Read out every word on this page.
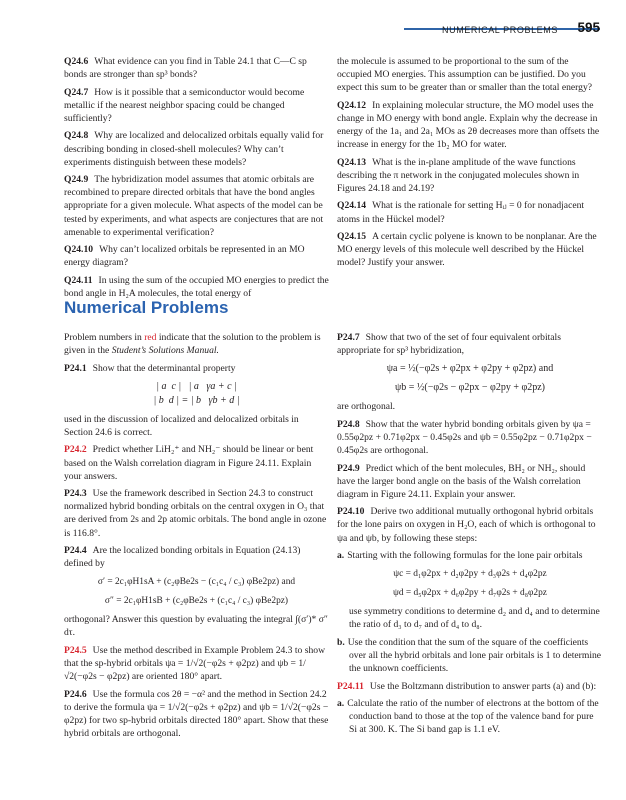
NUMERICAL PROBLEMS 595

Q24.6 What evidence can you find in Table 24.1 that C—C sp bonds are stronger than sp³ bonds?

Q24.7 How is it possible that a semiconductor would become metallic if the nearest neighbor spacing could be changed sufficiently?

Q24.8 Why are localized and delocalized orbitals equally valid for describing bonding in closed-shell molecules? Why can’t experiments distinguish between these models?

Q24.9 The hybridization model assumes that atomic orbitals are recombined to prepare directed orbitals that have the bond angles appropriate for a given molecule. What aspects of the model can be tested by experiments, and what aspects are conjectures that are not amenable to experimental verification?

Q24.10 Why can’t localized orbitals be represented in an MO energy diagram?

Q24.11 In using the sum of the occupied MO energies to predict the bond angle in H₂A molecules, the total energy of

the molecule is assumed to be proportional to the sum of the occupied MO energies. This assumption can be justified. Do you expect this sum to be greater than or smaller than the total energy?

Q24.12 In explaining molecular structure, the MO model uses the change in MO energy with bond angle. Explain why the decrease in energy of the 1a₁ and 2a₁ MOs as 2θ decreases more than offsets the increase in energy for the 1b₂ MO for water.

Q24.13 What is the in-plane amplitude of the wave functions describing the π network in the conjugated molecules shown in Figures 24.18 and 24.19?

Q24.14 What is the rationale for setting Hᵢⱼ = 0 for nonadjacent atoms in the Hückel model?

Q24.15 A certain cyclic polyene is known to be nonplanar. Are the MO energy levels of this molecule well described by the Hückel model? Justify your answer.

Numerical Problems

Problem numbers in red indicate that the solution to the problem is given in the Student’s Solutions Manual.

P24.1 Show that the determinantal property

| a  c |   | a   γa + c |
| b  d | = | b   γb + d |

used in the discussion of localized and delocalized orbitals in Section 24.6 is correct.

P24.2 Predict whether LiH₂⁺ and NH₂⁻ should be linear or bent based on the Walsh correlation diagram in Figure 24.11. Explain your answers.

P24.3 Use the framework described in Section 24.3 to construct normalized hybrid bonding orbitals on the central oxygen in O₃ that are derived from 2s and 2p atomic orbitals. The bond angle in ozone is 116.8°.

P24.4 Are the localized bonding orbitals in Equation (24.13) defined by

σ′ = 2c₁φH1sA + (c₂φBe2s − (c₁c₄ / c₃) φBe2pz) and
σ″ = 2c₁φH1sB + (c₂φBe2s + (c₁c₄ / c₃) φBe2pz)

orthogonal? Answer this question by evaluating the integral ∫(σ′)* σ″ dτ.

P24.5 Use the method described in Example Problem 24.3 to show that the sp-hybrid orbitals ψa = 1/√2(−φ2s + φ2pz) and ψb = 1/√2(−φ2s − φ2pz) are oriented 180° apart.

P24.6 Use the formula cos 2θ = −α² and the method in Section 24.2 to derive the formula ψa = 1/√2(−φ2s + φ2pz) and ψb = 1/√2(−φ2s − φ2pz) for two sp-hybrid orbitals directed 180° apart. Show that these hybrid orbitals are orthogonal.

P24.7 Show that two of the set of four equivalent orbitals appropriate for sp³ hybridization,

ψa = ½(−φ2s + φ2px + φ2py + φ2pz) and
ψb = ½(−φ2s − φ2px − φ2py + φ2pz)

are orthogonal.

P24.8 Show that the water hybrid bonding orbitals given by ψa = 0.55φ2pz + 0.71φ2px − 0.45φ2s and ψb = 0.55φ2pz − 0.71φ2px − 0.45φ2s are orthogonal.

P24.9 Predict which of the bent molecules, BH₂ or NH₂, should have the larger bond angle on the basis of the Walsh correlation diagram in Figure 24.11. Explain your answer.

P24.10 Derive two additional mutually orthogonal hybrid orbitals for the lone pairs on oxygen in H₂O, each of which is orthogonal to ψa and ψb, by following these steps:

a. Starting with the following formulas for the lone pair orbitals

ψc = d₁φ2px + d₂φ2py + d₃φ2s + d₄φ2pz
ψd = d₅φ2px + d₆φ2py + d₇φ2s + d₈φ2pz

use symmetry conditions to determine d₂ and d₄ and to determine the ratio of d₃ to d₇ and of d₄ to d₈.

b. Use the condition that the sum of the square of the coefficients over all the hybrid orbitals and lone pair orbitals is 1 to determine the unknown coefficients.

P24.11 Use the Boltzmann distribution to answer parts (a) and (b):

a. Calculate the ratio of the number of electrons at the bottom of the conduction band to those at the top of the valence band for pure Si at 300. K. The Si band gap is 1.1 eV.
